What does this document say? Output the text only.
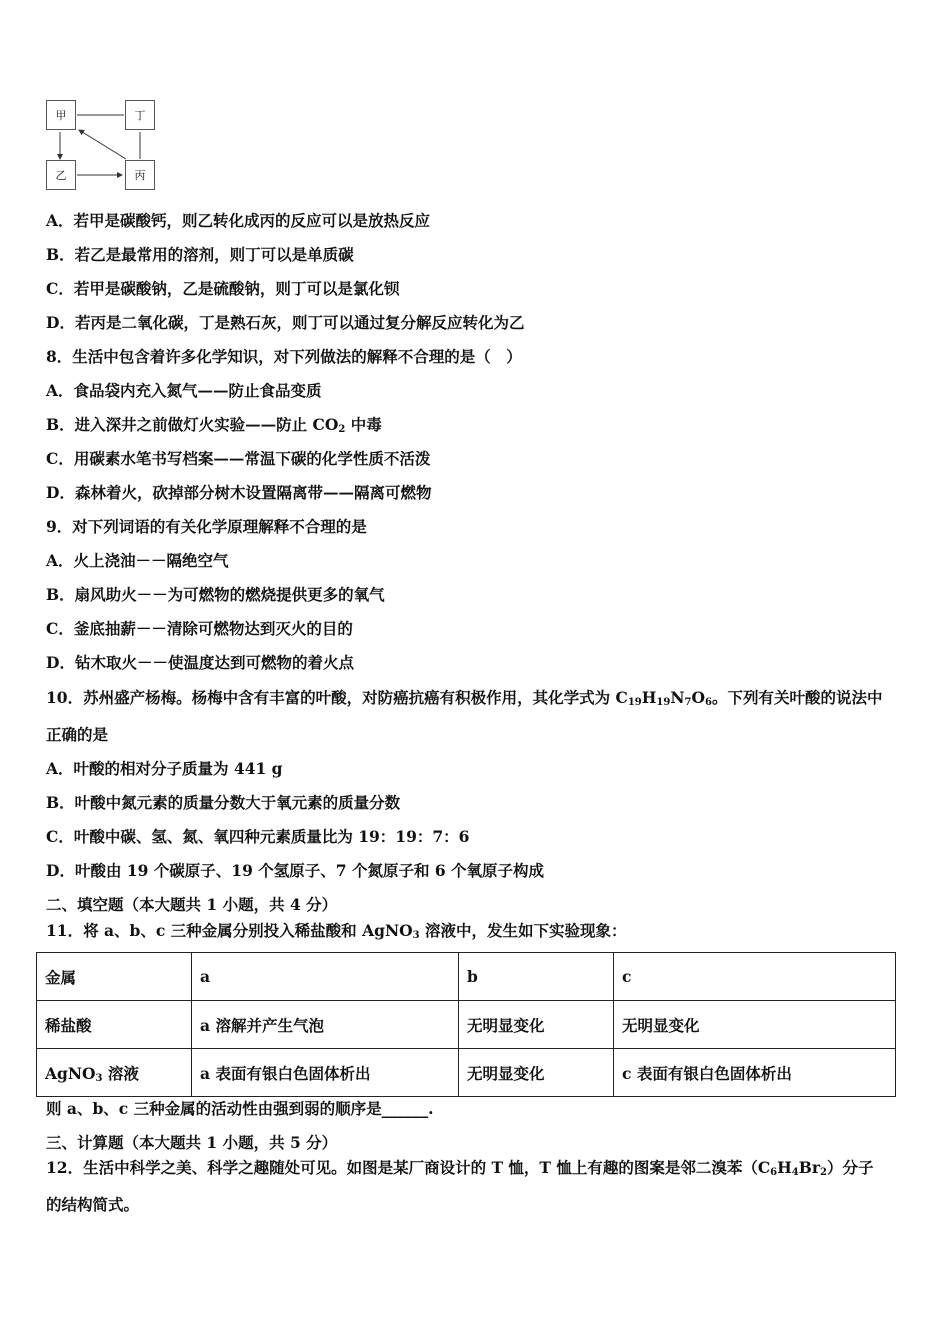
甲	丁
乙	丙
A．若甲是碳酸钙，则乙转化成丙的反应可以是放热反应
B．若乙是最常用的溶剂，则丁可以是单质碳
C．若甲是碳酸钠，乙是硫酸钠，则丁可以是氯化钡
D．若丙是二氧化碳，丁是熟石灰，则丁可以通过复分解反应转化为乙
8．生活中包含着许多化学知识，对下列做法的解释不合理的是（　）
A．食品袋内充入氮气——防止食品变质
B．进入深井之前做灯火实验——防止 $CO_2$ 中毒
C．用碳素水笔书写档案——常温下碳的化学性质不活泼
D．森林着火，砍掉部分树木设置隔离带——隔离可燃物
9．对下列词语的有关化学原理解释不合理的是
A．火上浇油－－隔绝空气
B．扇风助火－－为可燃物的燃烧提供更多的氧气
C．釜底抽薪－－清除可燃物达到灭火的目的
D．钻木取火－－使温度达到可燃物的着火点
10．苏州盛产杨梅。杨梅中含有丰富的叶酸，对防癌抗癌有积极作用，其化学式为 $C_{19}H_{19}N_7O_6$。下列有关叶酸的说法中
正确的是
A．叶酸的相对分子质量为 441 g
B．叶酸中氮元素的质量分数大于氧元素的质量分数
C．叶酸中碳、氢、氮、氧四种元素质量比为 19：19：7：6
D．叶酸由 19 个碳原子、19 个氢原子、7 个氮原子和 6 个氧原子构成
二、填空题（本大题共 1 小题，共 4 分）
11．将 a、b、c 三种金属分别投入稀盐酸和 AgNO$_3$ 溶液中，发生如下实验现象：
金属	a	b	c
稀盐酸	a 溶解并产生气泡	无明显变化	无明显变化
AgNO$_3$ 溶液	a 表面有银白色固体析出	无明显变化	c 表面有银白色固体析出
则 a、b、c 三种金属的活动性由强到弱的顺序是______.
三、计算题（本大题共 1 小题，共 5 分）
12．生活中科学之美、科学之趣随处可见。如图是某厂商设计的 T 恤，T 恤上有趣的图案是邻二溴苯$(C_6H_4Br_2)$分子
的结构简式。
